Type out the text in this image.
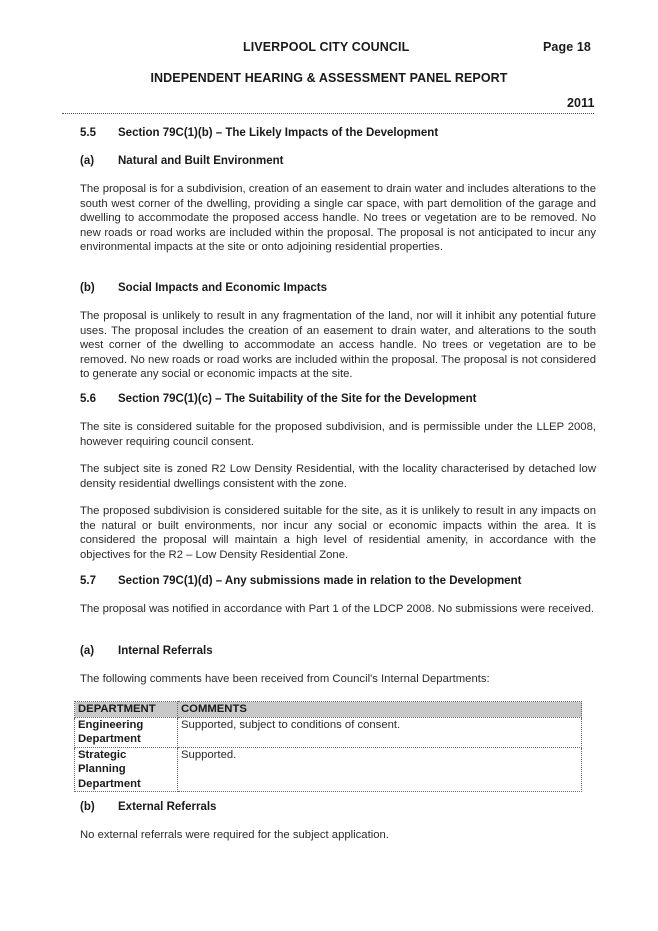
LIVERPOOL CITY COUNCIL	Page 18
INDEPENDENT HEARING & ASSESSMENT PANEL REPORT
2011
5.5 Section 79C(1)(b) – The Likely Impacts of the Development
(a) Natural and Built Environment
The proposal is for a subdivision, creation of an easement to drain water and includes alterations to the south west corner of the dwelling, providing a single car space, with part demolition of the garage and dwelling to accommodate the proposed access handle. No trees or vegetation are to be removed. No new roads or road works are included within the proposal. The proposal is not anticipated to incur any environmental impacts at the site or onto adjoining residential properties.
(b) Social Impacts and Economic Impacts
The proposal is unlikely to result in any fragmentation of the land, nor will it inhibit any potential future uses. The proposal includes the creation of an easement to drain water, and alterations to the south west corner of the dwelling to accommodate an access handle. No trees or vegetation are to be removed. No new roads or road works are included within the proposal. The proposal is not considered to generate any social or economic impacts at the site.
5.6 Section 79C(1)(c) – The Suitability of the Site for the Development
The site is considered suitable for the proposed subdivision, and is permissible under the LLEP 2008, however requiring council consent.
The subject site is zoned R2 Low Density Residential, with the locality characterised by detached low density residential dwellings consistent with the zone.
The proposed subdivision is considered suitable for the site, as it is unlikely to result in any impacts on the natural or built environments, nor incur any social or economic impacts within the area. It is considered the proposal will maintain a high level of residential amenity, in accordance with the objectives for the R2 – Low Density Residential Zone.
5.7 Section 79C(1)(d) – Any submissions made in relation to the Development
The proposal was notified in accordance with Part 1 of the LDCP 2008. No submissions were received.
(a) Internal Referrals
The following comments have been received from Council's Internal Departments:
DEPARTMENT	COMMENTS
Engineering Department	Supported, subject to conditions of consent.
Strategic Planning Department	Supported.
(b) External Referrals
No external referrals were required for the subject application.
